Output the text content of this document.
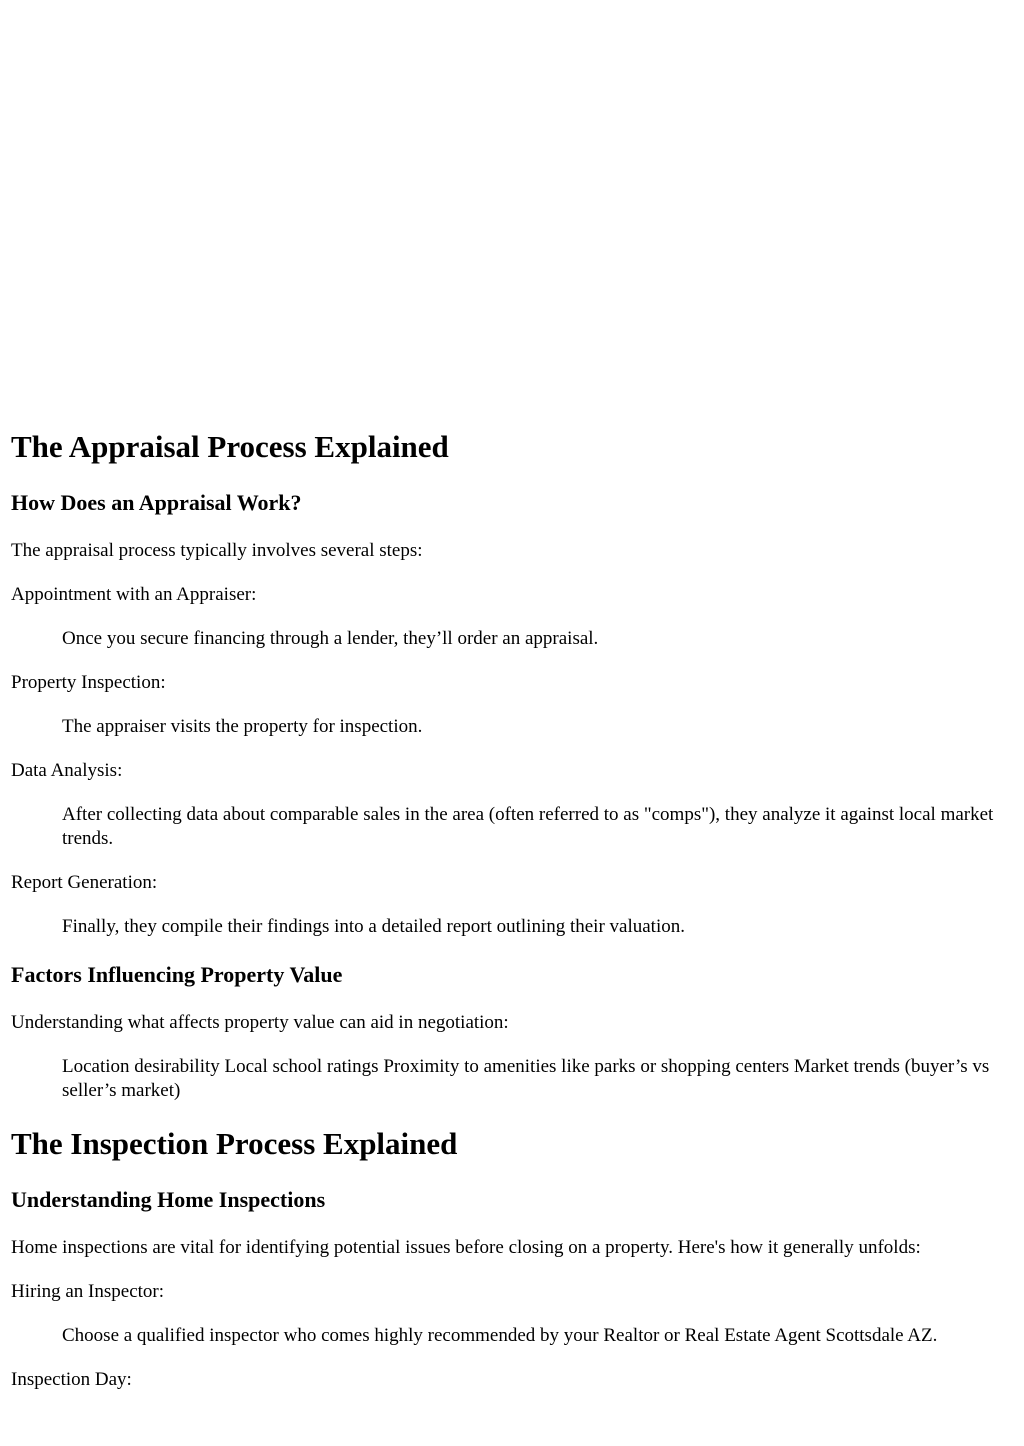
The Appraisal Process Explained
How Does an Appraisal Work?

The appraisal process typically involves several steps:

Appointment with an Appraiser:

Once you secure financing through a lender, they’ll order an appraisal.

Property Inspection:

The appraiser visits the property for inspection.

Data Analysis:

After collecting data about comparable sales in the area (often referred to as "comps"), they analyze it against local market trends.

Report Generation:

Finally, they compile their findings into a detailed report outlining their valuation.

Factors Influencing Property Value

Understanding what affects property value can aid in negotiation:

Location desirability Local school ratings Proximity to amenities like parks or shopping centers Market trends (buyer’s vs seller’s market)

The Inspection Process Explained
Understanding Home Inspections

Home inspections are vital for identifying potential issues before closing on a property. Here's how it generally unfolds:

Hiring an Inspector:

Choose a qualified inspector who comes highly recommended by your Realtor or Real Estate Agent Scottsdale AZ.

Inspection Day:
